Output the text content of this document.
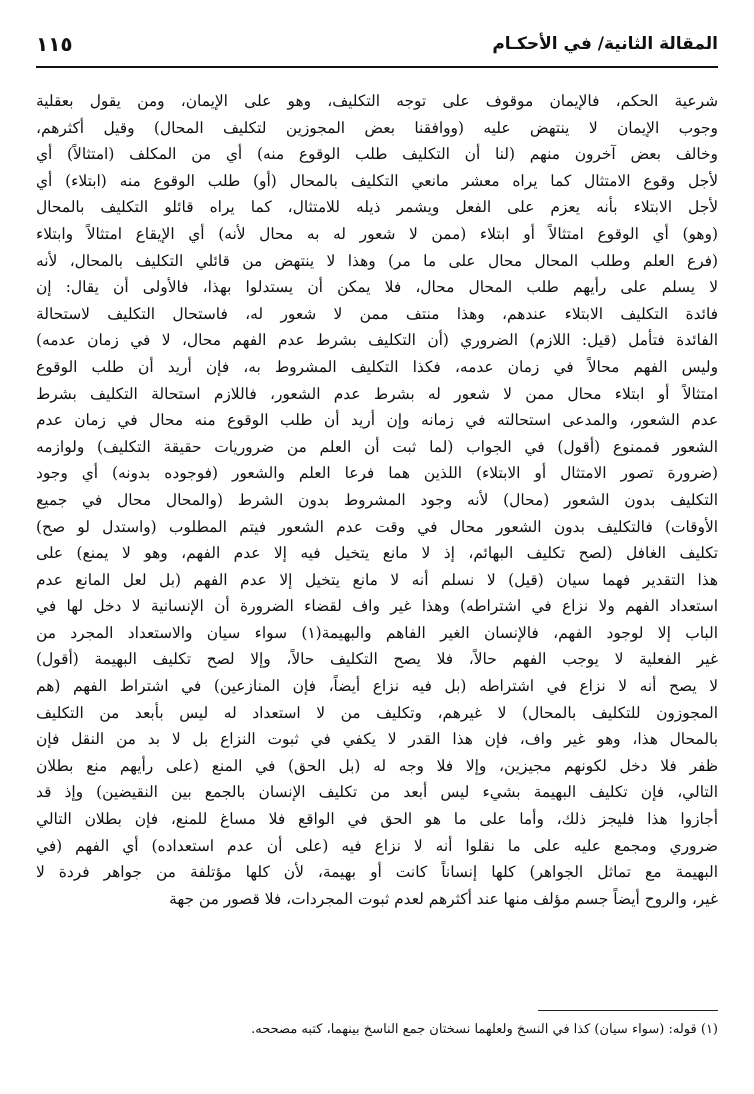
المقالة الثانية/ في الأحكـام
١١٥
شرعية الحكم، فالإيمان موقوف على توجه التكليف، وهو على الإيمان، ومن يقول بعقلية
وجوب الإيمان لا ينتهض عليه (ووافقنا بعض المجوزين لتكليف المحال) وقيل أكثرهم،
وخالف بعض آخرون منهم (لنا أن التكليف طلب الوقوع منه) أي من المكلف (امتثالاً) أي
لأجل وقوع الامتثال كما يراه معشر مانعي التكليف بالمحال (أو) طلب الوقوع منه (ابتلاء) أي
لأجل الابتلاء بأنه يعزم على الفعل ويشمر ذيله للامتثال، كما يراه قائلو التكليف بالمحال
(وهو) أي الوقوع امتثالاً أو ابتلاء (ممن لا شعور له به محال لأنه) أي الإيقاع امتثالاً وابتلاء
(فرع العلم وطلب المحال محال على ما مر) وهذا لا ينتهض من قائلي التكليف بالمحال، لأنه
لا يسلم على رأيهم طلب المحال محال، فلا يمكن أن يستدلوا بهذا، فالأولى أن يقال: إن
فائدة التكليف الابتلاء عندهم، وهذا منتف ممن لا شعور له، فاستحال التكليف لاستحالة
الفائدة فتأمل (قيل: اللازم) الضروري (أن التكليف بشرط عدم الفهم محال، لا في زمان عدمه)
وليس الفهم محالاً في زمان عدمه، فكذا التكليف المشروط به، فإن أريد أن طلب الوقوع
امتثالاً أو ابتلاء محال ممن لا شعور له بشرط عدم الشعور، فاللازم استحالة التكليف بشرط
عدم الشعور، والمدعى استحالته في زمانه وإن أريد أن طلب الوقوع منه محال في زمان عدم
الشعور فممنوع (أقول) في الجواب (لما ثبت أن العلم من ضروريات حقيقة التكليف) ولوازمه
(ضرورة تصور الامتثال أو الابتلاء) اللذين هما فرعا العلم والشعور (فوجوده بدونه) أي وجود
التكليف بدون الشعور (محال) لأنه وجود المشروط بدون الشرط (والمحال محال في جميع
الأوقات) فالتكليف بدون الشعور محال في وقت عدم الشعور فيتم المطلوب (واستدل لو صح)
تكليف الغافل (لصح تكليف البهائم، إذ لا مانع يتخيل فيه إلا عدم الفهم، وهو لا يمنع) على
هذا التقدير فهما سيان (قيل) لا نسلم أنه لا مانع يتخيل إلا عدم الفهم (بل لعل المانع عدم
استعداد الفهم ولا نزاع في اشتراطه) وهذا غير واف لقضاء الضرورة أن الإنسانية لا دخل لها في
الباب إلا لوجود الفهم، فالإنسان الغير الفاهم والبهيمة(١) سواء سيان والاستعداد المجرد من
غير الفعلية لا يوجب الفهم حالاً، فلا يصح التكليف حالاً، وإلا لصح تكليف البهيمة (أقول)
لا يصح أنه لا نزاع في اشتراطه (بل فيه نزاع أيضاً، فإن المنازعين) في اشتراط الفهم (هم
المجوزون للتكليف بالمحال) لا غيرهم، وتكليف من لا استعداد له ليس بأبعد من التكليف
بالمحال هذا، وهو غير واف، فإن هذا القدر لا يكفي في ثبوت النزاع بل لا بد من النقل فإن
ظفر فلا دخل لكونهم مجيزين، وإلا فلا وجه له (بل الحق) في المنع (على رأيهم منع بطلان
التالي، فإن تكليف البهيمة بشيء ليس أبعد من تكليف الإنسان بالجمع بين النقيضين) وإذ قد
أجازوا هذا فليجز ذلك، وأما على ما هو الحق في الواقع فلا مساغ للمنع، فإن بطلان التالي
ضروري ومجمع عليه على ما نقلوا أنه لا نزاع فيه (على أن عدم استعداده) أي الفهم (في
البهيمة مع تماثل الجواهر) كلها إنساناً كانت أو بهيمة، لأن كلها مؤتلفة من جواهر فردة لا
غير، والروح أيضاً جسم مؤلف منها عند أكثرهم لعدم ثبوت المجردات، فلا قصور من جهة
(١) قوله: (سواء سيان) كذا في النسخ ولعلهما نسختان جمع الناسخ بينهما، كتبه مصححه.
